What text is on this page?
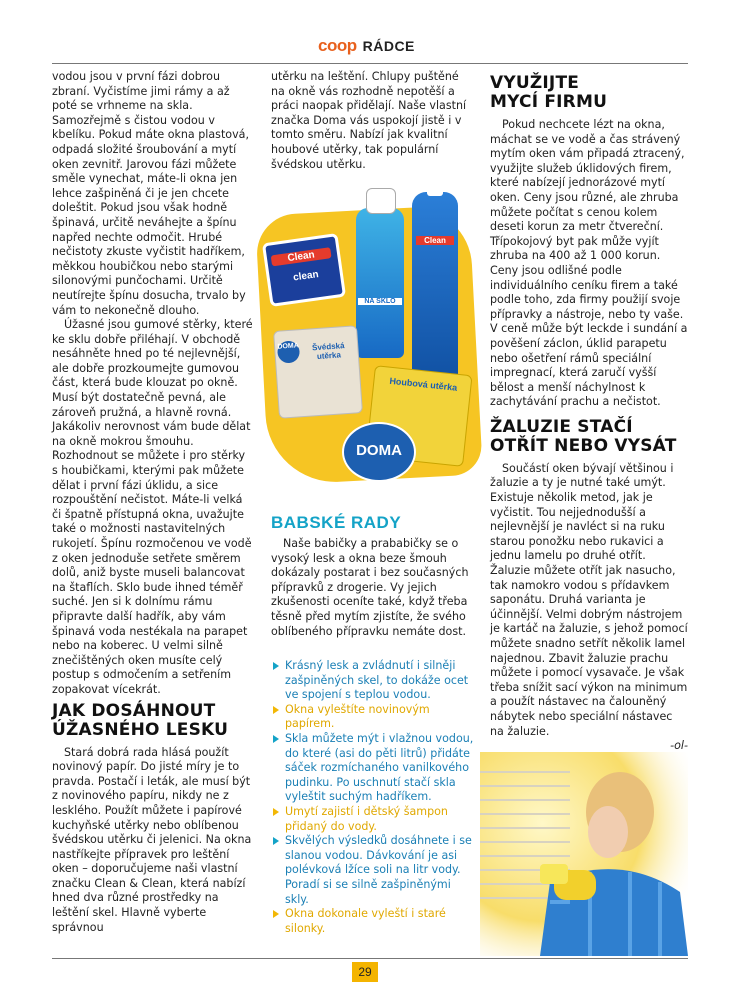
coop RÁDCE

vodou jsou v první fázi dobrou zbraní. Vyčistíme jimi rámy a až poté se vrhneme na skla. Samozřejmě s čistou vodou v kbelíku. Pokud máte okna plastová, odpadá složité šroubování a mytí oken zevnitř. Jarovou fázi můžete směle vynechat, máte-li okna jen lehce zašpiněná či je jen chcete doleštit. Pokud jsou však hodně špinavá, určitě neváhejte a špínu napřed nechte odmočit. Hrubé nečistoty zkuste vyčistit hadříkem, měkkou houbičkou nebo starými silonovými punčochami. Určitě neutírejte špínu dosucha, trvalo by vám to nekonečně dlouho.

Úžasné jsou gumové stěrky, které ke sklu dobře přiléhají. V obchodě nesáhněte hned po té nejlevnější, ale dobře prozkoumejte gumovou část, která bude klouzat po okně. Musí být dostatečně pevná, ale zároveň pružná, a hlavně rovná. Jakákoliv nerovnost vám bude dělat na okně mokrou šmouhu. Rozhodnout se můžete i pro stěrky s houbičkami, kterými pak můžete dělat i první fázi úklidu, a sice rozpouštění nečistot. Máte-li velká či špatně přístupná okna, uvažujte také o možnosti nastavitelných rukojetí. Špínu rozmočenou ve vodě z oken jednoduše setřete směrem dolů, aniž byste museli balancovat na štaflích. Sklo bude ihned téměř suché. Jen si k dolnímu rámu připravte další hadřík, aby vám špinavá voda nestékala na parapet nebo na koberec. U velmi silně znečištěných oken musíte celý postup s odmočením a setřením zopakovat vícekrát.

JAK DOSÁHNOUT
ÚŽASNÉHO LESKU

Stará dobrá rada hlásá použít novinový papír. Do jisté míry je to pravda. Postačí i leták, ale musí být z novinového papíru, nikdy ne z lesklého. Použít můžete i papírové kuchyňské utěrky nebo oblíbenou švédskou utěrku či jelenici. Na okna nastříkejte přípravek pro leštění oken – doporučujeme naši vlastní značku Clean & Clean, která nabízí hned dva různé prostředky na leštění skel. Hlavně vyberte správnou

utěrku na leštění. Chlupy puštěné na okně vás rozhodně nepotěší a práci naopak přidělají. Naše vlastní značka Doma vás uspokojí jistě i v tomto směru. Nabízí jak kvalitní houbové utěrky, tak populární švédskou utěrku.

Clean
clean
NA SKLO
Clean
DOMA	Švédská utěrka
Houbová utěrka
DOMA
BABSKÉ RADY

Naše babičky a prababičky se o vysoký lesk a okna beze šmouh dokázaly postarat i bez současných přípravků z drogerie. Vy jejich zkušenosti oceníte také, když třeba těsně před mytím zjistíte, že svého oblíbeného přípravku nemáte dost.

Krásný lesk a zvládnutí i silněji zašpiněných skel, to dokáže ocet ve spojení s teplou vodou.
Okna vyleštíte novinovým papírem.
Skla můžete mýt i vlažnou vodou, do které (asi do pěti litrů) přidáte sáček rozmíchaného vanilkového pudinku. Po uschnutí stačí skla vyleštit suchým hadříkem.
Umytí zajistí i dětský šampon přidaný do vody.
Skvělých výsledků dosáhnete i se slanou vodou. Dávkování je asi polévková lžíce soli na litr vody. Poradí si se silně zašpiněnými skly.
Okna dokonale vyleští i staré silonky.
VYUŽIJTE
MYCÍ FIRMU

Pokud nechcete lézt na okna, máchat se ve vodě a čas strávený mytím oken vám připadá ztracený, využijte služeb úklidových firem, které nabízejí jednorázové mytí oken. Ceny jsou různé, ale zhruba můžete počítat s cenou kolem deseti korun za metr čtvereční. Třípokojový byt pak může vyjít zhruba na 400 až 1 000 korun. Ceny jsou odlišné podle individuálního ceníku firem a také podle toho, zda firmy použijí svoje přípravky a nástroje, nebo ty vaše. V ceně může být leckde i sundání a pověšení záclon, úklid parapetu nebo ošetření rámů speciální impregnací, která zaručí vyšší bělost a menší náchylnost k zachytávání prachu a nečistot.

ŽALUZIE STAČÍ
OTŘÍT NEBO VYSÁT

Součástí oken bývají většinou i žaluzie a ty je nutné také umýt. Existuje několik metod, jak je vyčistit. Tou nejjednodušší a nejlevnější je navléct si na ruku starou ponožku nebo rukavici a jednu lamelu po druhé otřít. Žaluzie můžete otřít jak nasucho, tak namokro vodou s přídavkem saponátu. Druhá varianta je účinnější. Velmi dobrým nástrojem je kartáč na žaluzie, s jehož pomocí můžete snadno setřít několik lamel najednou. Zbavit žaluzie prachu můžete i pomocí vysavače. Je však třeba snížit sací výkon na minimum a použít nástavec na čalouněný nábytek nebo speciální nástavec na žaluzie.

-ol-

29
